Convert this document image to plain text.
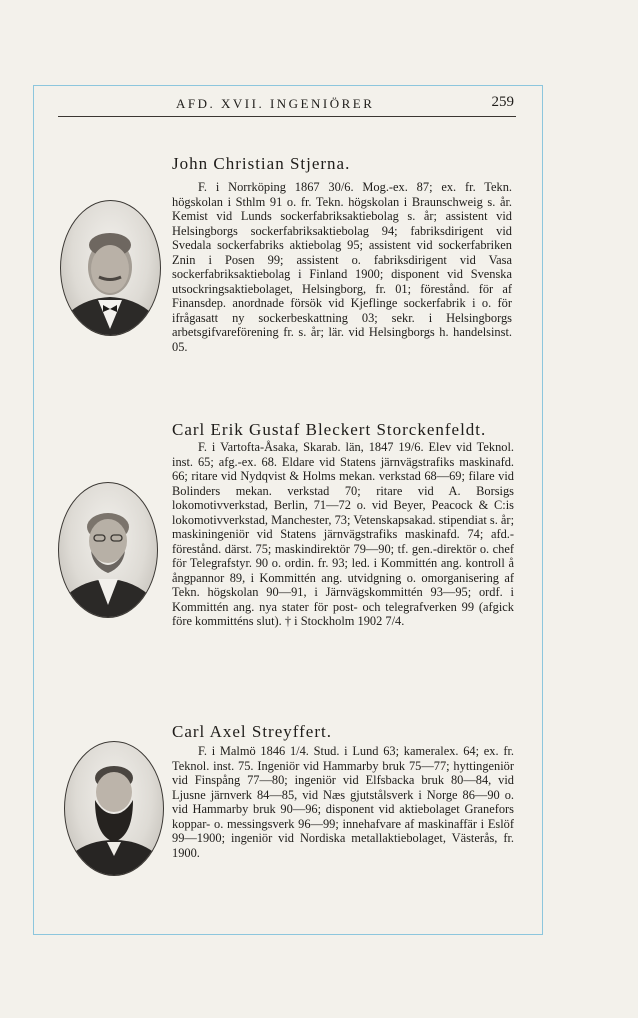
AFD. XVII. INGENIÖRER	259
John Christian Stjerna.

F. i Norrköping 1867 30/6. Mog.-ex. 87; ex. fr. Tekn. högskolan i Sthlm 91 o. fr. Tekn. högskolan i Braunschweig s. år. Kemist vid Lunds sockerfabriksaktiebolag s. år; assistent vid Helsingborgs sockerfabriksaktiebolag 94; fabriksdirigent vid Svedala sockerfabriks aktiebolag 95; assistent vid sockerfabriken Znin i Posen 99; assistent o. fabriksdirigent vid Vasa sockerfabriksaktiebolag i Finland 1900; disponent vid Svenska utsockringsaktiebolaget, Helsingborg, fr. 01; förestånd. för af Finansdep. anordnade försök vid Kjeflinge sockerfabrik i o. för ifrågasatt ny sockerbeskattning 03; sekr. i Helsingborgs arbetsgifvareförening fr. s. år; lär. vid Helsingborgs h. handelsinst. 05.

Carl Erik Gustaf Bleckert Storckenfeldt.

F. i Vartofta-Åsaka, Skarab. län, 1847 19/6. Elev vid Teknol. inst. 65; afg.-ex. 68. Eldare vid Statens järnvägstrafiks maskinafd. 66; ritare vid Nydqvist & Holms mekan. verkstad 68—69; filare vid Bolinders mekan. verkstad 70; ritare vid A. Borsigs lokomotivverkstad, Berlin, 71—72 o. vid Beyer, Peacock & C:is lokomotivverkstad, Manchester, 73; Vetenskapsakad. stipendiat s. år; maskiningeniör vid Statens järnvägstrafiks maskinafd. 74; afd.-förestånd. därst. 75; maskindirektör 79—90; tf. gen.-direktör o. chef för Telegrafstyr. 90 o. ordin. fr. 93; led. i Kommittén ang. kontroll å ångpannor 89, i Kommittén ang. utvidgning o. omorganisering af Tekn. högskolan 90—91, i Järnvägskommittén 93—95; ordf. i Kommittén ang. nya stater för post- och telegrafverken 99 (afgick före kommitténs slut). † i Stockholm 1902 7/4.

Carl Axel Streyffert.

F. i Malmö 1846 1/4. Stud. i Lund 63; kameralex. 64; ex. fr. Teknol. inst. 75. Ingeniör vid Hammarby bruk 75—77; hyttingeniör vid Finspång 77—80; ingeniör vid Elfsbacka bruk 80—84, vid Ljusne järnverk 84—85, vid Næs gjutstålsverk i Norge 86—90 o. vid Hammarby bruk 90—96; disponent vid aktiebolaget Granefors koppar- o. messingsverk 96—99; innehafvare af maskinaffär i Eslöf 99—1900; ingeniör vid Nordiska metallaktiebolaget, Västerås, fr. 1900.
